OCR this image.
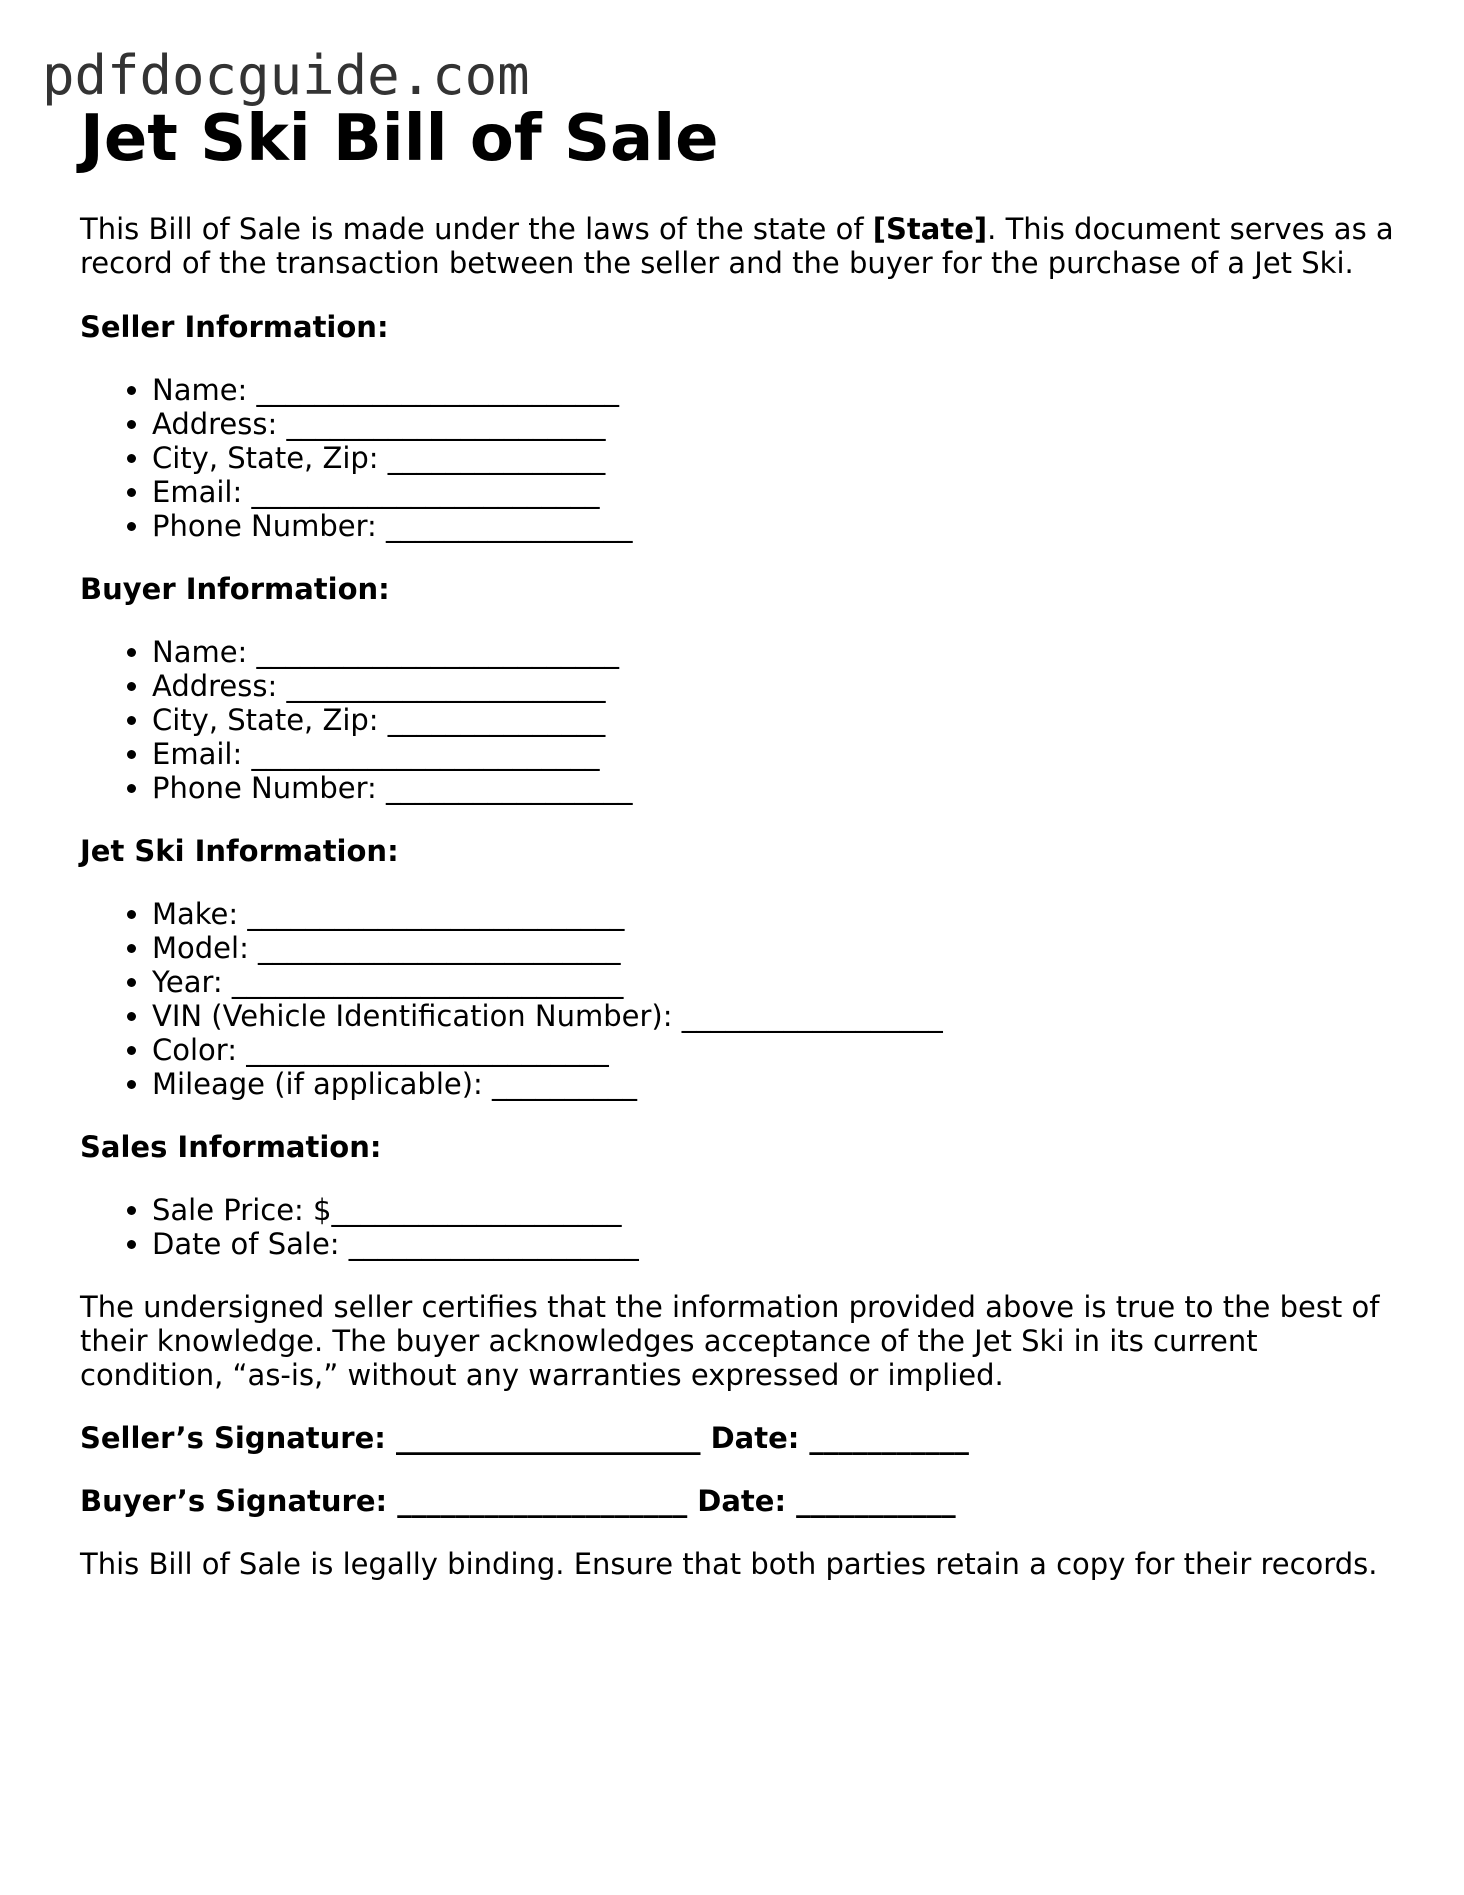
pdfdocguide.com
Jet Ski Bill of Sale

This Bill of Sale is made under the laws of the state of [State]. This document serves as a record of the transaction between the seller and the buyer for the purchase of a Jet Ski.

Seller Information:
• Name: _________________________
• Address: ______________________
• City, State, Zip: _______________
• Email: ________________________
• Phone Number: _________________
Buyer Information:
• Name: _________________________
• Address: ______________________
• City, State, Zip: _______________
• Email: ________________________
• Phone Number: _________________
Jet Ski Information:
• Make: __________________________
• Model: _________________________
• Year: ___________________________
• VIN (Vehicle Identification Number): __________________
• Color: _________________________
• Mileage (if applicable): __________
Sales Information:
• Sale Price: $____________________
• Date of Sale: ____________________

The undersigned seller certifies that the information provided above is true to the best of their knowledge. The buyer acknowledges acceptance of the Jet Ski in its current condition, “as-is,” without any warranties expressed or implied.

Seller’s Signature: _____________________ Date: ___________

Buyer’s Signature: ____________________ Date: ___________

This Bill of Sale is legally binding. Ensure that both parties retain a copy for their records.
